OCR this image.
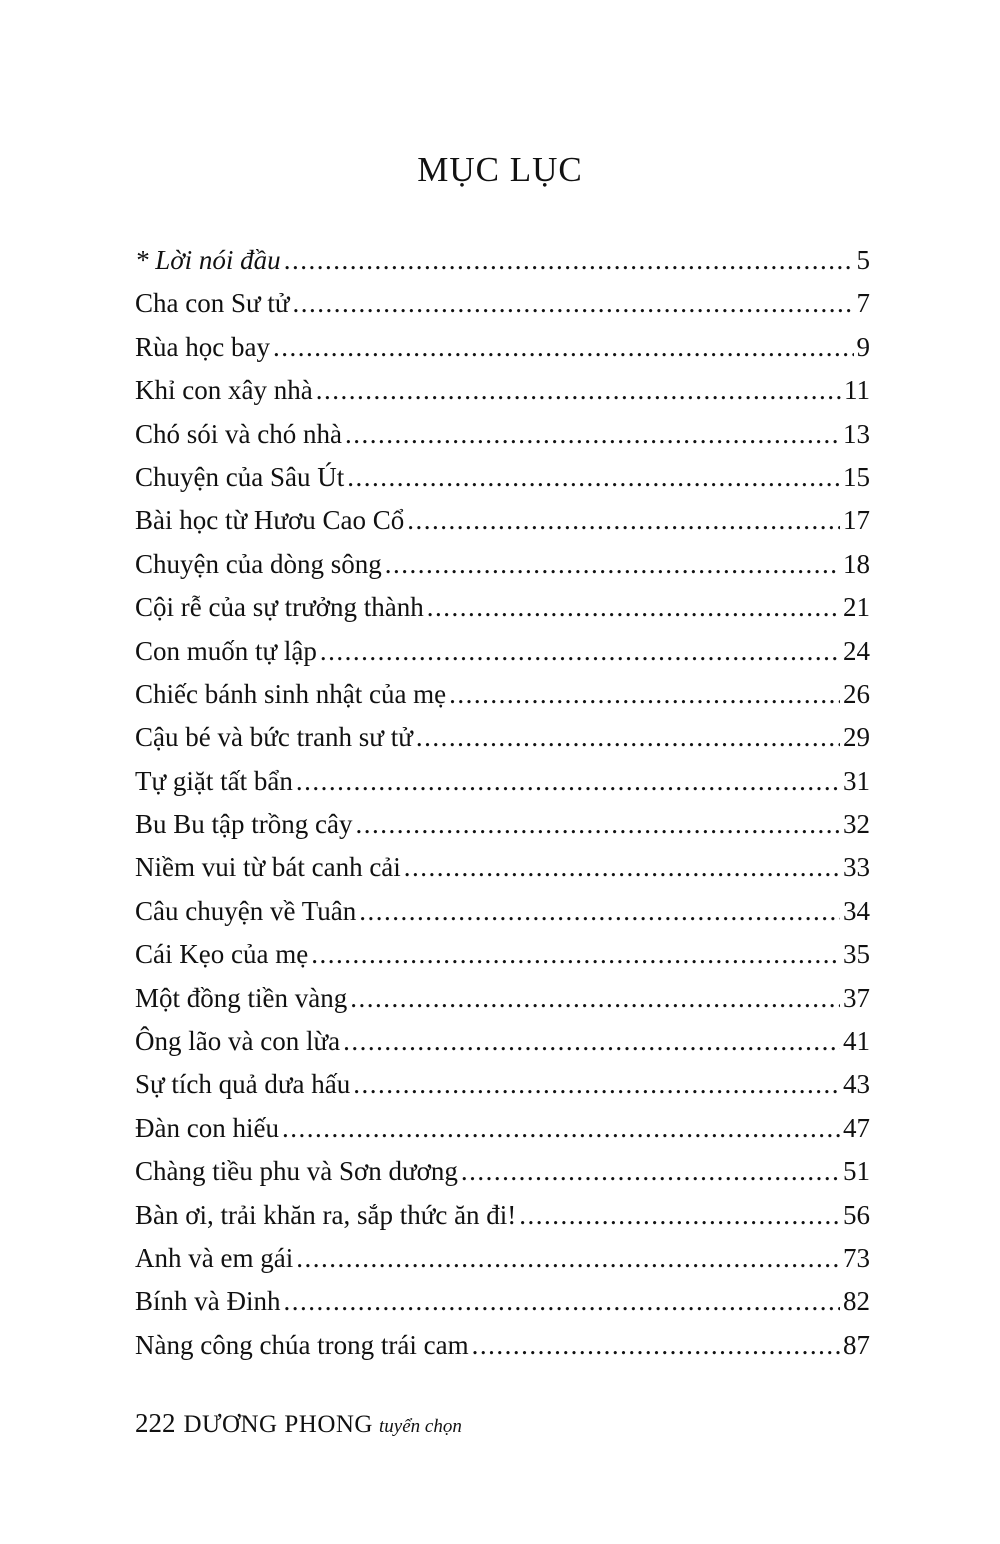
MỤC LỤC
* Lời nói đầu .....	5
Cha con Sư tử .....	7
Rùa học bay .....	9
Khỉ con xây nhà .....	11
Chó sói và chó nhà .....	13
Chuyện của Sâu Út .....	15
Bài học từ Hươu Cao Cổ .....	17
Chuyện của dòng sông .....	18
Cội rễ của sự trưởng thành .....	21
Con muốn tự lập .....	24
Chiếc bánh sinh nhật của mẹ .....	26
Cậu bé và bức tranh sư tử .....	29
Tự giặt tất bẩn .....	31
Bu Bu tập trồng cây .....	32
Niềm vui từ bát canh cải .....	33
Câu chuyện về Tuân .....	34
Cái Kẹo của mẹ .....	35
Một đồng tiền vàng .....	37
Ông lão và con lừa .....	41
Sự tích quả dưa hấu .....	43
Đàn con hiếu .....	47
Chàng tiều phu và Sơn dương .....	51
Bàn ơi, trải khăn ra, sắp thức ăn đi! .....	56
Anh và em gái .....	73
Bính và Đinh .....	82
Nàng công chúa trong trái cam .....	87
222 DƯƠNG PHONG tuyển chọn
